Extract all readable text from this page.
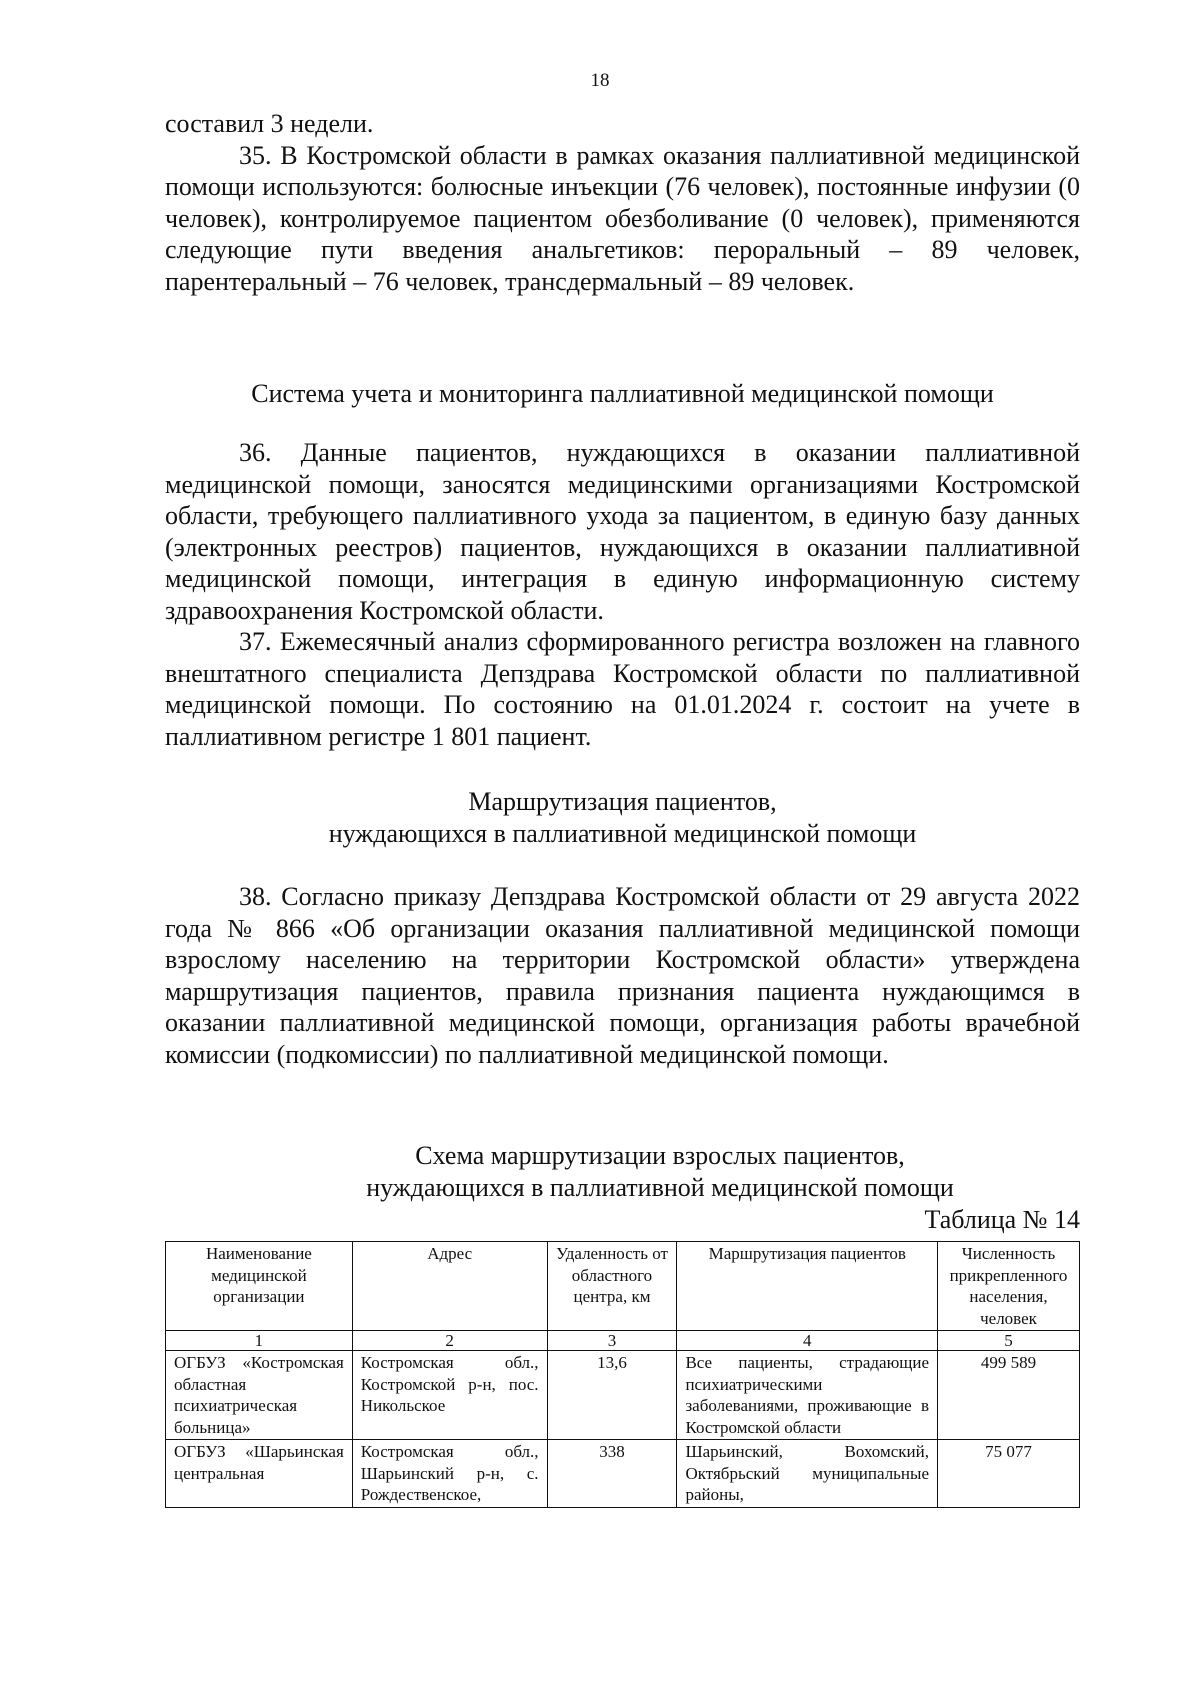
18

составил 3 недели.

35. В Костромской области в рамках оказания паллиативной медицинской помощи используются: болюсные инъекции (76 человек), постоянные инфузии (0 человек), контролируемое пациентом обезболивание (0 человек), применяются следующие пути введения анальгетиков: пероральный – 89 человек, парентеральный – 76 человек, трансдермальный – 89 человек.

Система учета и мониторинга паллиативной медицинской помощи

36. Данные пациентов, нуждающихся в оказании паллиативной медицинской помощи, заносятся медицинскими организациями Костромской области, требующего паллиативного ухода за пациентом, в единую базу данных (электронных реестров) пациентов, нуждающихся в оказании паллиативной медицинской помощи, интеграция в единую информационную систему здравоохранения Костромской области.

37. Ежемесячный анализ сформированного регистра возложен на главного внештатного специалиста Депздрава Костромской области по паллиативной медицинской помощи. По состоянию на 01.01.2024 г. состоит на учете в паллиативном регистре 1 801 пациент.

Маршрутизация пациентов,
нуждающихся в паллиативной медицинской помощи

38. Согласно приказу Депздрава Костромской области от 29 августа 2022 года № 866 «Об организации оказания паллиативной медицинской помощи взрослому населению на территории Костромской области» утверждена маршрутизация пациентов, правила признания пациента нуждающимся в оказании паллиативной медицинской помощи, организация работы врачебной комиссии (подкомиссии) по паллиативной медицинской помощи.

Схема маршрутизации взрослых пациентов,
нуждающихся в паллиативной медицинской помощи
Таблица № 14
Наименование медицинской организации	Адрес	Удаленность от областного центра, км	Маршрутизация пациентов	Численность прикрепленного населения, человек
1	2	3	4	5
ОГБУЗ «Костромская областная психиатрическая больница»	Костромская обл., Костромской р-н, пос. Никольское	13,6	Все пациенты, страдающие психиатрическими заболеваниями, проживающие в Костромской области	499 589
ОГБУЗ «Шарьинская центральная	Костромская обл., Шарьинский р-н, с. Рождественское,	338	Шарьинский, Вохомский, Октябрьский муниципальные районы,	75 077
